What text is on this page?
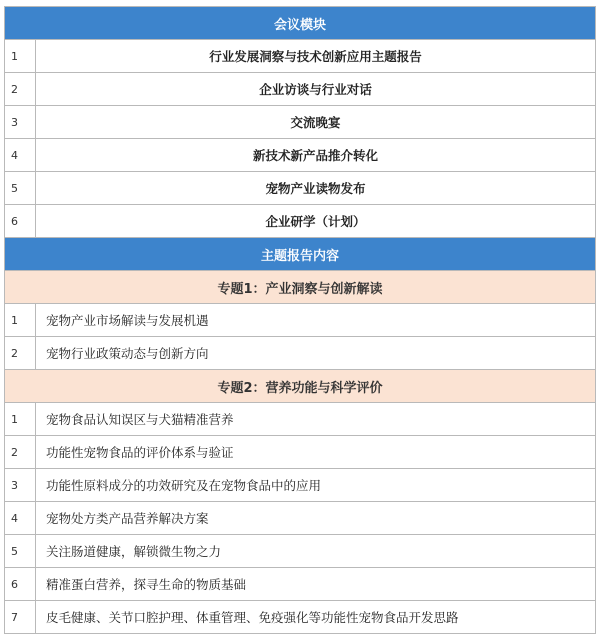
会议模块
1	行业发展洞察与技术创新应用主题报告
2	企业访谈与行业对话
3	交流晚宴
4	新技术新产品推介转化
5	宠物产业读物发布
6	企业研学（计划）
主题报告内容
专题1：产业洞察与创新解读
1	宠物产业市场解读与发展机遇
2	宠物行业政策动态与创新方向
专题2：营养功能与科学评价
1	宠物食品认知误区与犬猫精准营养
2	功能性宠物食品的评价体系与验证
3	功能性原料成分的功效研究及在宠物食品中的应用
4	宠物处方类产品营养解决方案
5	关注肠道健康，解锁微生物之力
6	精准蛋白营养，探寻生命的物质基础
7	皮毛健康、关节口腔护理、体重管理、免疫强化等功能性宠物食品开发思路
